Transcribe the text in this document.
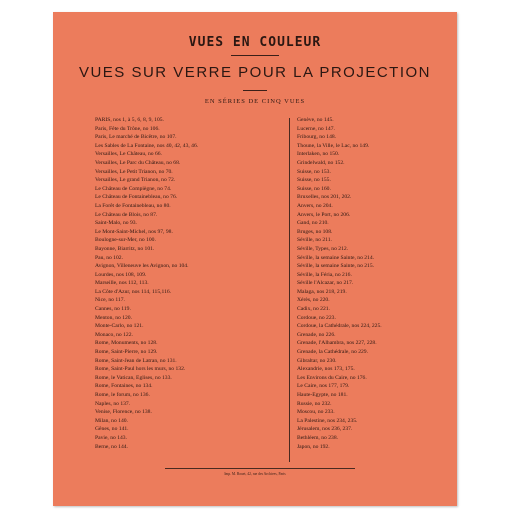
VUES EN COULEUR
VUES SUR VERRE POUR LA PROJECTION
EN SÉRIES DE CINQ VUES
PARIS, nos 1, à 5, 6, 8, 9, 105.
Paris, Fête du Trône, no 106.
Paris, Le marché de Bicêtre, no 107.
Les Sables de La Fontaine, nos 40, 42, 43, 46.
Versailles, Le Château, no 66.
Versailles, Le Parc du Château, no 68.
Versailles, Le Petit Trianon, no 70.
Versailles, Le grand Trianon, no 72.
Le Château de Compiègne, no 74.
Le Château de Fontainebleau, no 76.
La Forêt de Fontainebleau, no 80.
Le Château de Blois, no 87.
Saint-Malo, no 93.
Le Mont-Saint-Michel, nos 97, 98.
Boulogne-sur-Mer, no 100.
Bayonne, Biarritz, no 101.
Pau, no 102.
Avignon, Villeneuve les Avignon, no 104.
Lourdes, nos 108, 109.
Marseille, nos 112, 113.
La Côte d'Azur, nos 114, 115,116.
Nice, no 117.
Cannes, no 119.
Menton, no 120.
Monte-Carlo, no 121.
Monaco, no 122.
Rome, Monuments, no 128.
Rome, Saint-Pierre, no 129.
Rome, Saint-Jean de Latran, no 131.
Rome, Saint-Paul hors les murs, no 132.
Rome, le Vatican, Eglises, no 133.
Rome, Fontaines, no 134.
Rome, le forum, no 136.
Naples, no 137.
Venise, Florence, no 138.
Milan, no 140.
Gênes, no 141.
Pavie, no 143.
Berne, no 144.
Genève, no 145.
Lucerne, no 147.
Fribourg, no 148.
Thoune, la Ville, le Lac, no 149.
Interlaken, no 150.
Grindelwald, no 152.
Suisse, no 153.
Suisse, no 155.
Suisse, no 160.
Bruxelles, nos 201, 202.
Anvers, no 204.
Anvers, le Port, no 206.
Gand, no 210.
Bruges, no 108.
Séville, no 211.
Séville, Types, no 212.
Séville, la semaine Sainte, no 214.
Séville, la semaine Sainte, no 215.
Séville, la Féria, no 216.
Séville l'Alcazar, no 217.
Malaga, nos 218, 219.
Xérès, no 220.
Cadix, no 221.
Cordoue, no 223.
Cordoue, la Cathédrale, nos 224, 225.
Grenade, no 226.
Grenade, l'Alhambra, nos 227, 228.
Grenade, la Cathédrale, no 229.
Gibraltar, no 230.
Alexandrie, nos 173, 175.
Les Environs du Caire, no 176.
Le Caire, nos 177, 179.
Haute-Egypte, no 181.
Russie, no 232.
Moscou, no 233.
La Palestine, nos 234, 235.
Jérusalem, nos 236, 237.
Bethléem, no 238.
Japon, no 192.
Imp. M. Bouet, 42, rue des Archives, Paris
